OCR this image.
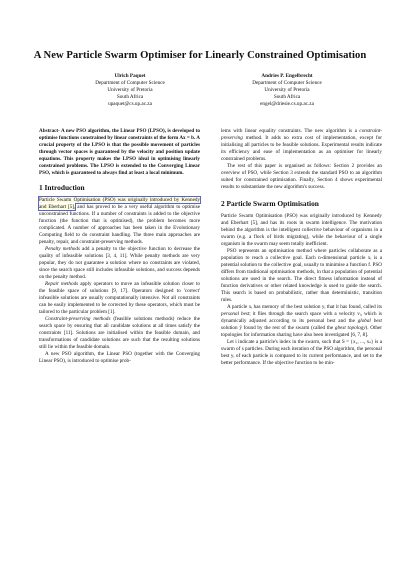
A New Particle Swarm Optimiser for Linearly Constrained Optimisation
Ulrich Paquet
Department of Computer Science
University of Pretoria
South Africa
upaquet@cs.up.ac.za
Andries P. Engelbrecht
Department of Computer Science
University of Pretoria
South Africa
engel@driesie.cs.up.ac.za

Abstract- A new PSO algorithm, the Linear PSO (LPSO), is developed to optimise functions constrained by linear constraints of the form Ax = b. A crucial property of the LPSO is that the possible movement of particles through vector spaces is guaranteed by the velocity and position update equations. This property makes the LPSO ideal in optimising linearly constrained problems. The LPSO is extended to the Converging Linear PSO, which is guaranteed to always find at least a local minimum.

1 Introduction

Particle Swarm Optimisation (PSO) was originally introduced by Kennedy and Eberhart [5], and has proved to be a very useful algorithm to optimise unconstrained functions. If a number of constraints is added to the objective function (the function that is optimised), the problem becomes more complicated. A number of approaches has been taken in the Evolutionary Computing field to do constraint handling. The three main approaches are penalty, repair, and constraint-preserving methods.

Penalty methods add a penalty to the objective function to decrease the quality of infeasible solutions [3, 4, 11]. While penalty methods are very popular, they do not guarantee a solution where no constraints are violated, since the search space still includes infeasible solutions, and success depends on the penalty method.

Repair methods apply operators to move an infeasible solution closer to the feasible space of solutions [9, 17]. Operators designed to 'correct' infeasible solutions are usually computationally intensive. Not all constraints can be easily implemented to be corrected by these operators, which must be tailored to the particular problem [1].

Constraint-preserving methods (feasible solutions methods) reduce the search space by ensuring that all candidate solutions at all times satisfy the constraints [11]. Solutions are initialised within the feasible domain, and transformations of candidate solutions are such that the resulting solutions still lie within the feasible domain.

A new PSO algorithm, the Linear PSO (together with the Converging Linear PSO), is introduced to optimise prob-

lems with linear equality constraints. The new algorithm is a constraint-preserving method. It adds no extra cost of implementation, except for initialising all particles to be feasible solutions. Experimental results indicate its efficiency and ease of implementation as an optimiser for linearly constrained problems.

The rest of this paper is organised as follows: Section 2 provides an overview of PSO, while Section 3 extends the standard PSO to an algorithm suited for constrained optimisation. Finally, Section 4 shows experimental results to substantiate the new algorithm's success.

2 Particle Swarm Optimisation

Particle Swarm Optimisation (PSO) was originally introduced by Kennedy and Eberhart [5], and has its roots in swarm intelligence. The motivation behind the algorithm is the intelligent collective behaviour of organisms in a swarm (e.g. a flock of birds migrating), while the behaviour of a single organism in the swarm may seem totally inefficient.

PSO represents an optimisation method where particles collaborate as a population to reach a collective goal. Each n-dimensional particle xᵢ is a potential solution to the collective goal, usually to minimise a function f. PSO differs from traditional optimisation methods, in that a population of potential solutions are used in the search. The direct fitness information instead of function derivatives or other related knowledge is used to guide the search. This search is based on probabilistic, rather than deterministic, transition rules.

A particle xᵢ has memory of the best solution yᵢ that it has found, called its personal best; it flies through the search space with a velocity vᵢ, which is dynamically adjusted according to its personal best and the global best solution ŷ found by the rest of the swarm (called the gbest topology). Other topologies for information sharing have also been investigated [6, 7, 8].

Let i indicate a particle's index in the swarm, such that S = {x₁, ..., xₛ} is a swarm of s particles. During each iteration of the PSO algorithm, the personal best yᵢ of each particle is compared to its current performance, and set to the better performance. If the objective function to be min-
